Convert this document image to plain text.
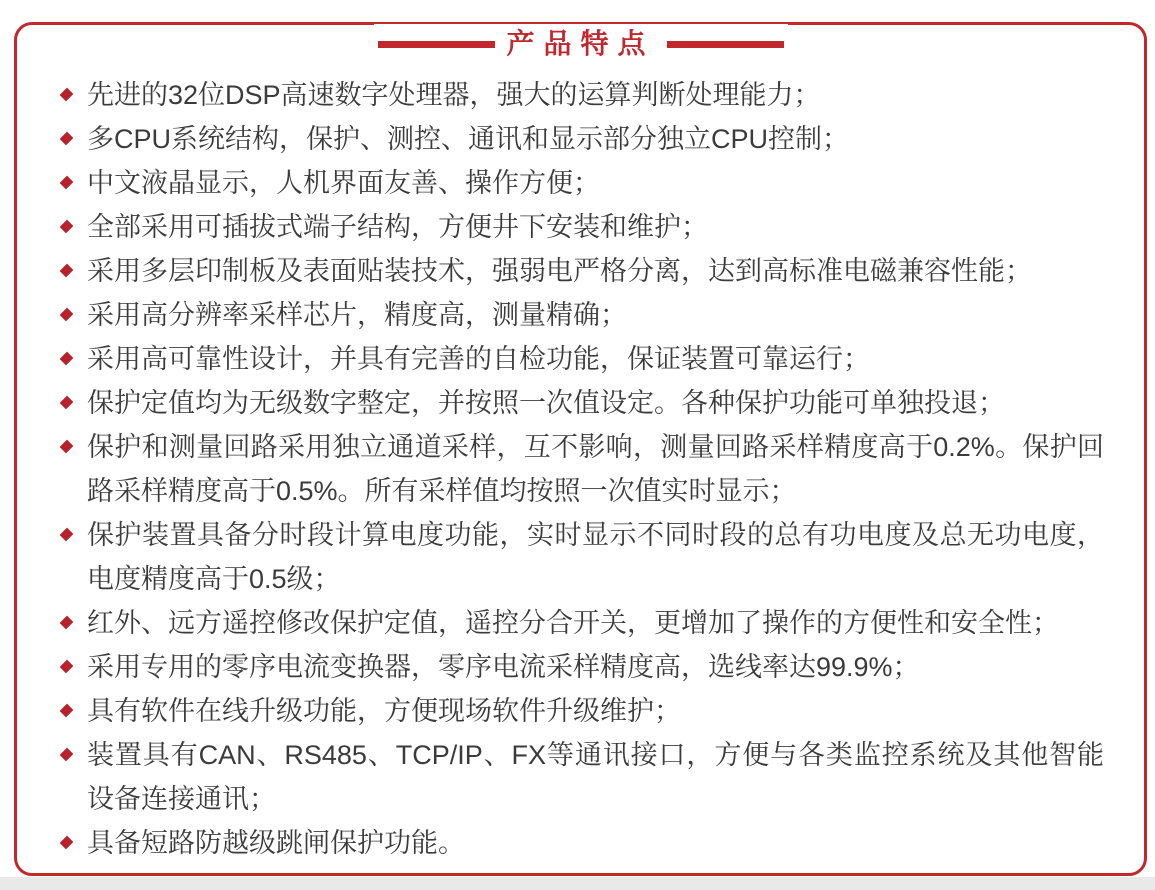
产品特点
先进的32位DSP高速数字处理器，强大的运算判断处理能力；
多CPU系统结构，保护、测控、通讯和显示部分独立CPU控制；
中文液晶显示，人机界面友善、操作方便；
全部采用可插拔式端子结构，方便井下安装和维护；
采用多层印制板及表面贴装技术，强弱电严格分离，达到高标准电磁兼容性能；
采用高分辨率采样芯片，精度高，测量精确；
采用高可靠性设计，并具有完善的自检功能，保证装置可靠运行；
保护定值均为无级数字整定，并按照一次值设定。各种保护功能可单独投退；
保护和测量回路采用独立通道采样，互不影响，测量回路采样精度高于0.2%。保护回路采样精度高于0.5%。所有采样值均按照一次值实时显示；
保护装置具备分时段计算电度功能，实时显示不同时段的总有功电度及总无功电度，电度精度高于0.5级；
红外、远方遥控修改保护定值，遥控分合开关，更增加了操作的方便性和安全性；
采用专用的零序电流变换器，零序电流采样精度高，选线率达99.9%；
具有软件在线升级功能，方便现场软件升级维护；
装置具有CAN、RS485、TCP/IP、FX等通讯接口，方便与各类监控系统及其他智能设备连接通讯；
具备短路防越级跳闸保护功能。
